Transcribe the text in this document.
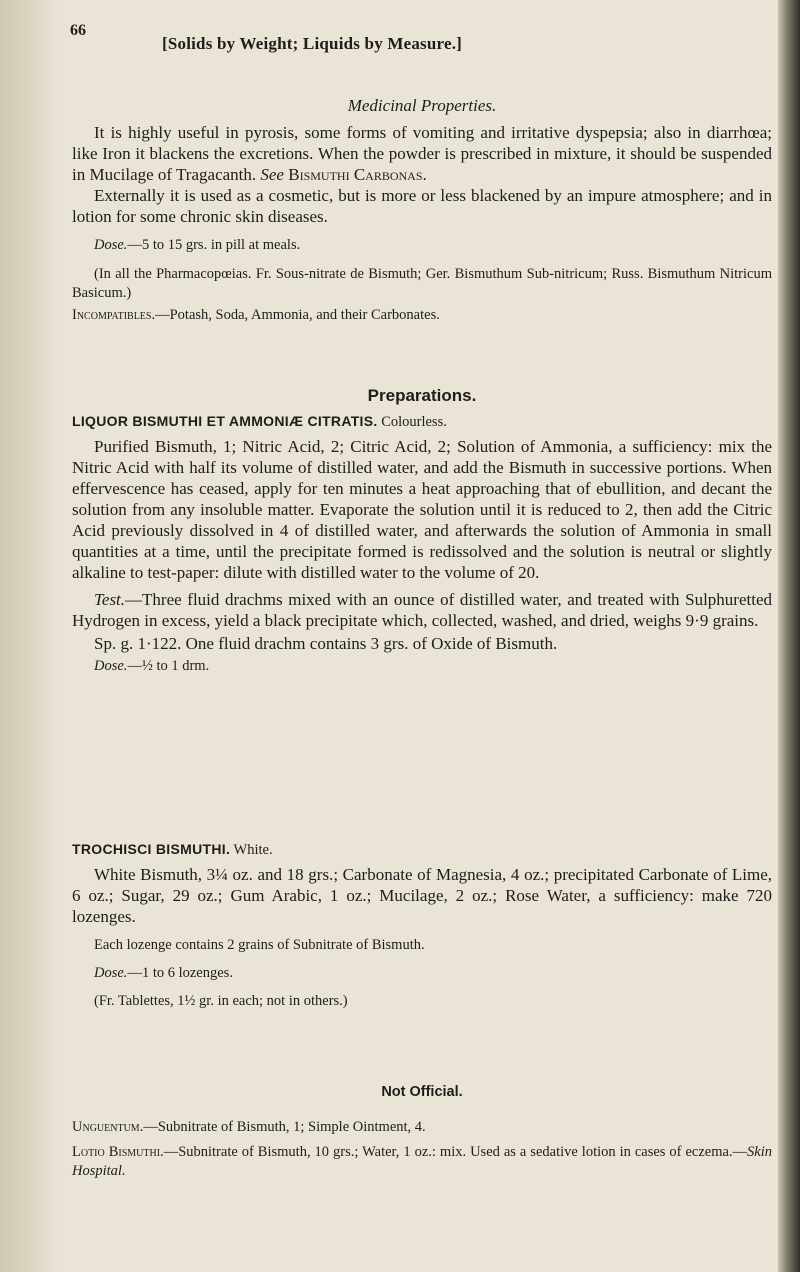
66
[Solids by Weight; Liquids by Measure.]
Medicinal Properties.

It is highly useful in pyrosis, some forms of vomiting and irritative dyspepsia; also in diarrhœa; like Iron it blackens the excretions. When the powder is prescribed in mixture, it should be suspended in Mucilage of Tragacanth. See Bismuthi Carbonas.

Externally it is used as a cosmetic, but is more or less blackened by an impure atmosphere; and in lotion for some chronic skin diseases.

Dose.—5 to 15 grs. in pill at meals.

(In all the Pharmacopœias. Fr. Sous-nitrate de Bismuth; Ger. Bismuthum Sub-nitricum; Russ. Bismuthum Nitricum Basicum.)

Incompatibles.—Potash, Soda, Ammonia, and their Carbonates.

Preparations.

LIQUOR BISMUTHI ET AMMONIÆ CITRATIS. Colourless.

Purified Bismuth, 1; Nitric Acid, 2; Citric Acid, 2; Solution of Ammonia, a sufficiency: mix the Nitric Acid with half its volume of distilled water, and add the Bismuth in successive portions. When effervescence has ceased, apply for ten minutes a heat approaching that of ebullition, and decant the solution from any insoluble matter. Evaporate the solution until it is reduced to 2, then add the Citric Acid previously dissolved in 4 of distilled water, and afterwards the solution of Ammonia in small quantities at a time, until the precipitate formed is redissolved and the solution is neutral or slightly alkaline to test-paper: dilute with distilled water to the volume of 20.

Test.—Three fluid drachms mixed with an ounce of distilled water, and treated with Sulphuretted Hydrogen in excess, yield a black precipitate which, collected, washed, and dried, weighs 9·9 grains.

Sp. g. 1·122. One fluid drachm contains 3 grs. of Oxide of Bismuth.

Dose.—½ to 1 drm.

TROCHISCI BISMUTHI. White.

White Bismuth, 3¼ oz. and 18 grs.; Carbonate of Magnesia, 4 oz.; precipitated Carbonate of Lime, 6 oz.; Sugar, 29 oz.; Gum Arabic, 1 oz.; Mucilage, 2 oz.; Rose Water, a sufficiency: make 720 lozenges.

Each lozenge contains 2 grains of Subnitrate of Bismuth.

Dose.—1 to 6 lozenges.

(Fr. Tablettes, 1½ gr. in each; not in others.)

Not Official.

Unguentum.—Subnitrate of Bismuth, 1; Simple Ointment, 4.

Lotio Bismuthi.—Subnitrate of Bismuth, 10 grs.; Water, 1 oz.: mix. Used as a sedative lotion in cases of eczema.—Skin Hospital.
